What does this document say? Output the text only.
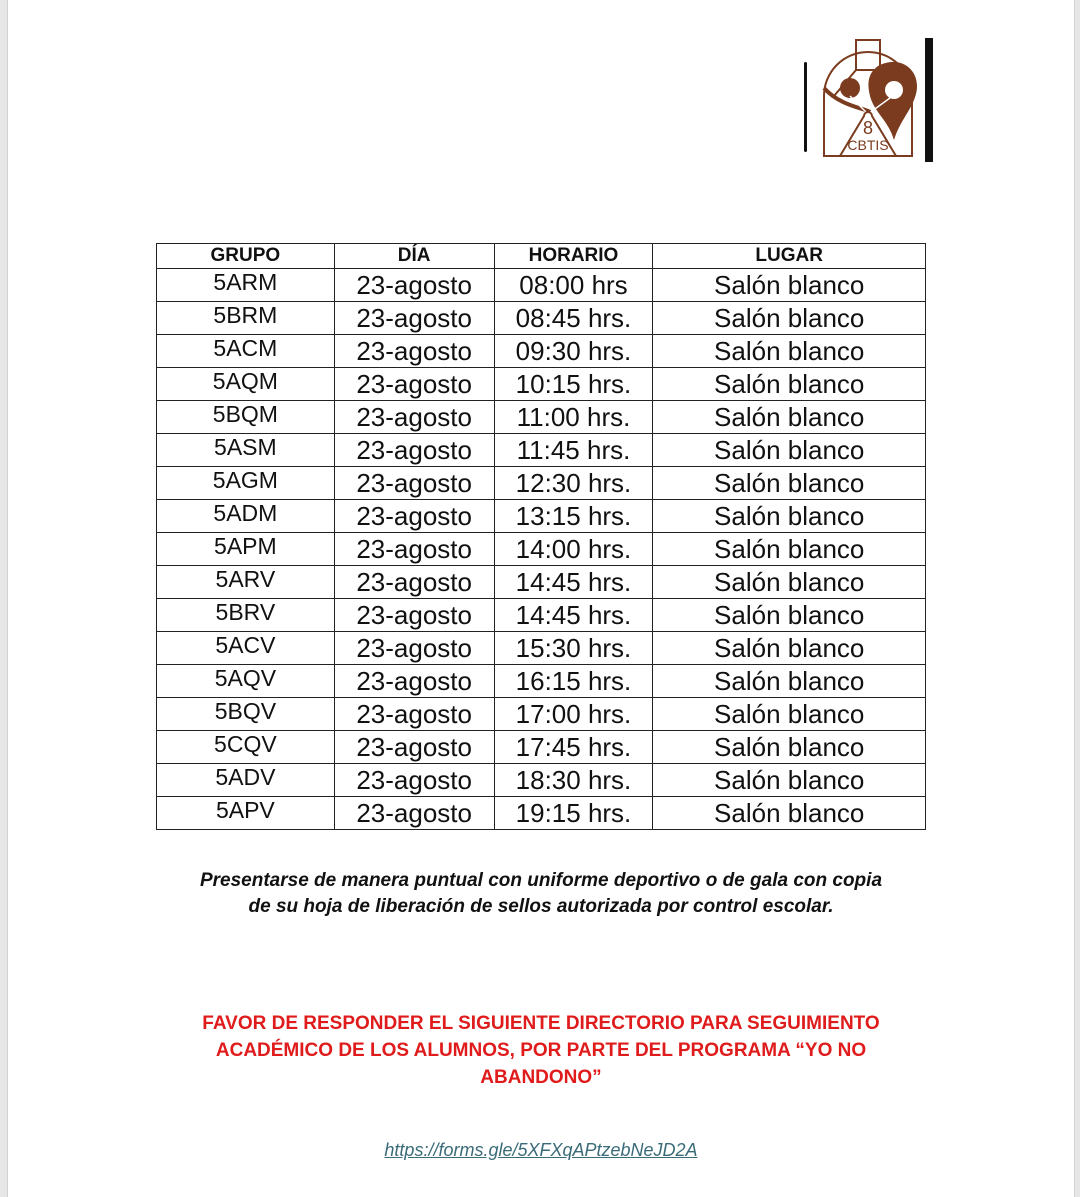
8
CBTIS
GRUPO	DÍA	HORARIO	LUGAR
5ARM	23-agosto	08:00 hrs	Salón blanco
5BRM	23-agosto	08:45 hrs.	Salón blanco
5ACM	23-agosto	09:30 hrs.	Salón blanco
5AQM	23-agosto	10:15 hrs.	Salón blanco
5BQM	23-agosto	11:00 hrs.	Salón blanco
5ASM	23-agosto	11:45 hrs.	Salón blanco
5AGM	23-agosto	12:30 hrs.	Salón blanco
5ADM	23-agosto	13:15 hrs.	Salón blanco
5APM	23-agosto	14:00 hrs.	Salón blanco
5ARV	23-agosto	14:45 hrs.	Salón blanco
5BRV	23-agosto	14:45 hrs.	Salón blanco
5ACV	23-agosto	15:30 hrs.	Salón blanco
5AQV	23-agosto	16:15 hrs.	Salón blanco
5BQV	23-agosto	17:00 hrs.	Salón blanco
5CQV	23-agosto	17:45 hrs.	Salón blanco
5ADV	23-agosto	18:30 hrs.	Salón blanco
5APV	23-agosto	19:15 hrs.	Salón blanco
Presentarse de manera puntual con uniforme deportivo o de gala con copia
de su hoja de liberación de sellos autorizada por control escolar.
FAVOR DE RESPONDER EL SIGUIENTE DIRECTORIO PARA SEGUIMIENTO
ACADÉMICO DE LOS ALUMNOS, POR PARTE DEL PROGRAMA “YO NO
ABANDONO”
https://forms.gle/5XFXqAPtzebNeJD2A
